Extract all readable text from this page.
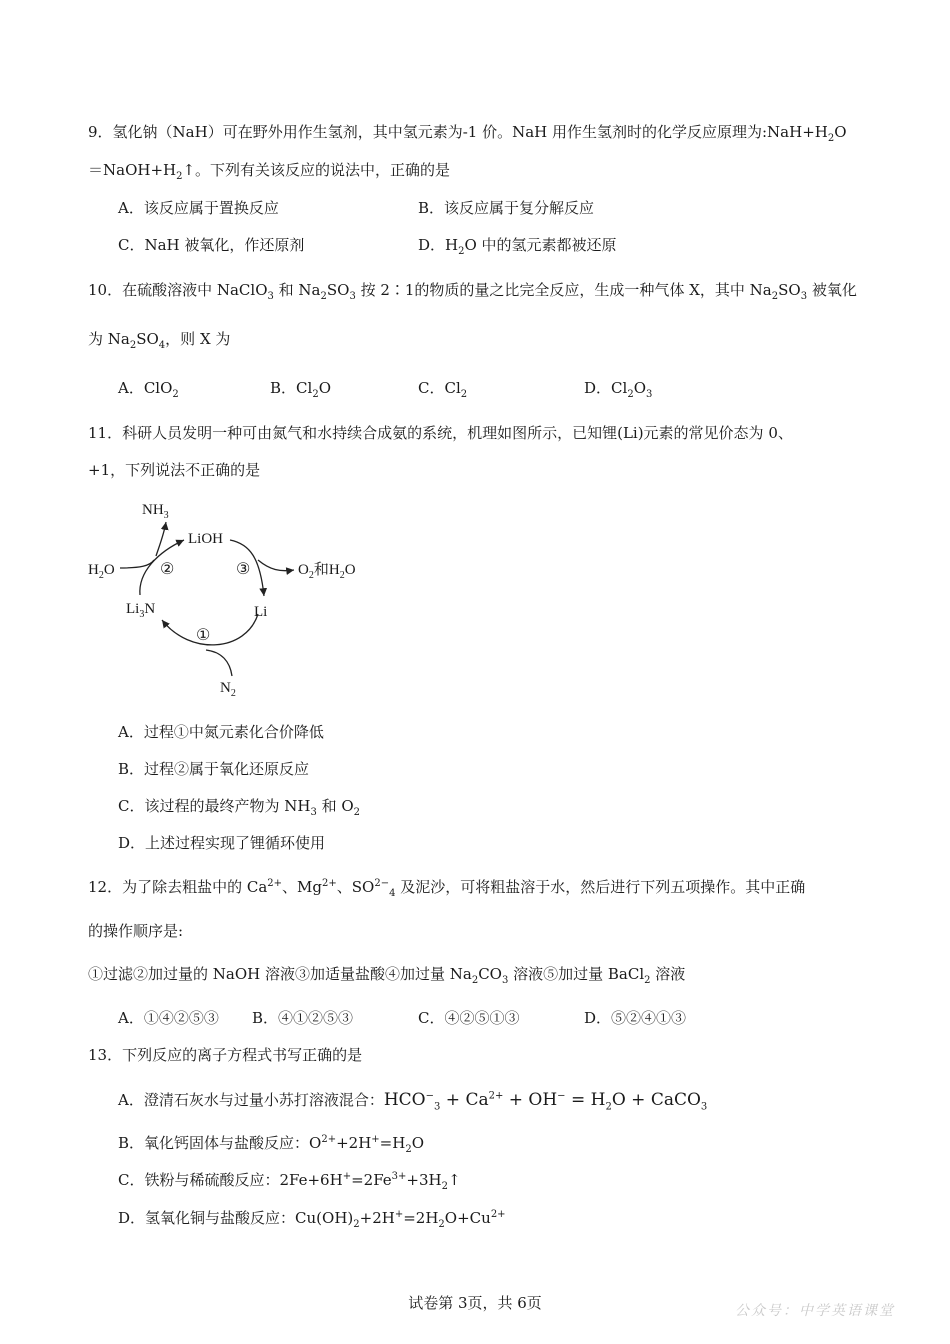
9．氢化钠（NaH）可在野外用作生氢剂，其中氢元素为-1 价。NaH 用作生氢剂时的化学反应原理为$:NaH+H_2O$
$=NaOH+H_2↑$。下列有关该反应的说法中，正确的是
A．该反应属于置换反应	B．该反应属于复分解反应
C．NaH 被氧化，作还原剂	D．$H_2O$ 中的氢元素都被还原
10．在硫酸溶液中 NaClO$_3$ 和 $Na_2SO_3$ 按 2∶1的物质的量之比完全反应，生成一种气体 X，其中 $Na_2SO_3$ 被氧化
为 $Na_2SO_4$，则 X 为
A．ClO$_2$	B．$Cl_2O$	C．$Cl_2$	D．$Cl_2O_3$
11．科研人员发明一种可由氮气和水持续合成氨的系统，机理如图所示，已知锂(Li)元素的常见价态为 0、
+1，下列说法不正确的是
$NH_3$
LiOH
$H_2O$	$O_2$和$H_2O$
$Li_3N$	Li
$N_2$
②	③
①
A．过程①中氮元素化合价降低
B．过程②属于氧化还原反应
C．该过程的最终产物为 $NH_3$ 和 $O_2$
D．上述过程实现了锂循环使用
12．为了除去粗盐中的 $Ca^{2+}$、$Mg^{2+}$、$SO^{2-}_4$ 及泥沙，可将粗盐溶于水，然后进行下列五项操作。其中正确
的操作顺序是:
①过滤②加过量的 NaOH 溶液③加适量盐酸④加过量 $Na_2CO_3$ 溶液⑤加过量 BaCl$_2$ 溶液
A．①④②⑤③ B．④①②⑤③	C．④②⑤①③	D．⑤②④①③
13．下列反应的离子方程式书写正确的是
A．澄清石灰水与过量小苏打溶液混合：$HCO^-_3 + Ca^{2+} + OH^- = H_2O$ + CaCO$_3$
B．氧化钙固体与盐酸反应：$O^{2+}+2H^+=H_2O$
C．铁粉与稀硫酸反应：$2Fe+6H^+=2Fe^{3+}+3H_2↑$
D．氢氧化铜与盐酸反应：$Cu(OH)_2+2H^+=2H_2O+Cu^{2+}$
试卷第 3页，共 6页	公众号：中学英语课堂
